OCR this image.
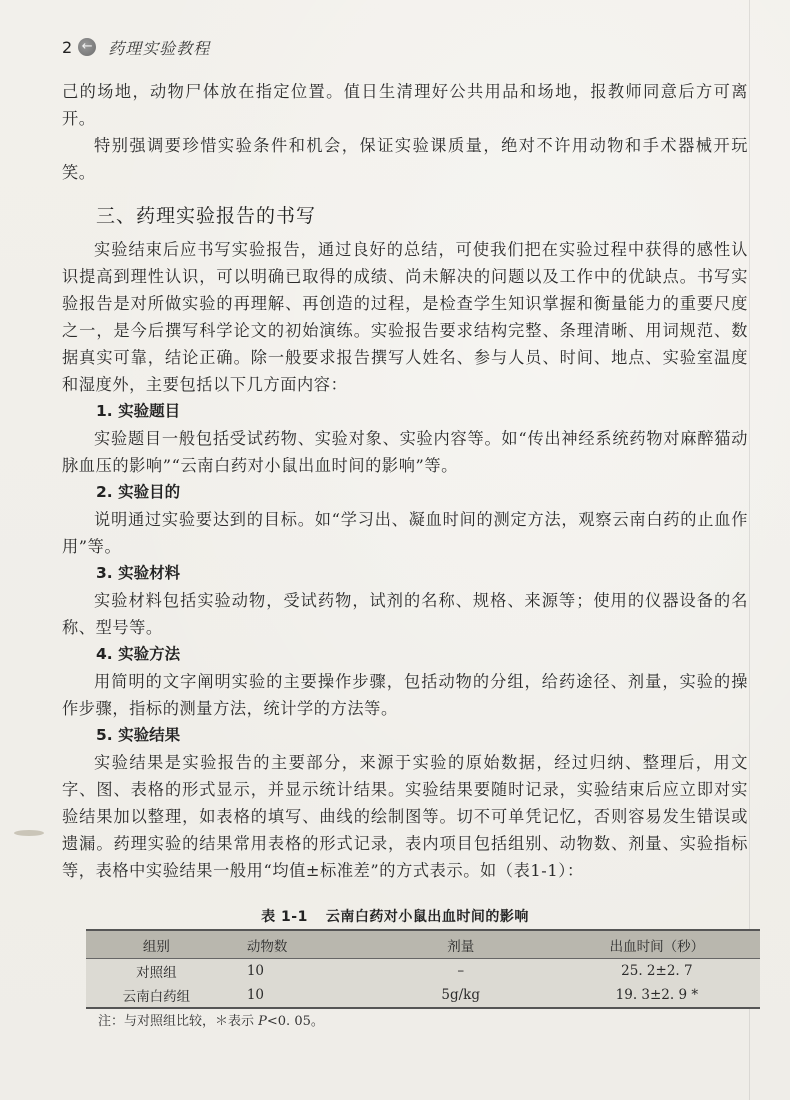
2 ← 药理实验教程

己的场地，动物尸体放在指定位置。值日生清理好公共用品和场地，报教师同意后方可离开。

特别强调要珍惜实验条件和机会，保证实验课质量，绝对不许用动物和手术器械开玩笑。

三、药理实验报告的书写

实验结束后应书写实验报告，通过良好的总结，可使我们把在实验过程中获得的感性认识提高到理性认识，可以明确已取得的成绩、尚未解决的问题以及工作中的优缺点。书写实验报告是对所做实验的再理解、再创造的过程，是检查学生知识掌握和衡量能力的重要尺度之一，是今后撰写科学论文的初始演练。实验报告要求结构完整、条理清晰、用词规范、数据真实可靠，结论正确。除一般要求报告撰写人姓名、参与人员、时间、地点、实验室温度和湿度外，主要包括以下几方面内容：

1. 实验题目

实验题目一般包括受试药物、实验对象、实验内容等。如“传出神经系统药物对麻醉猫动脉血压的影响”“云南白药对小鼠出血时间的影响”等。

2. 实验目的

说明通过实验要达到的目标。如“学习出、凝血时间的测定方法，观察云南白药的止血作用”等。

3. 实验材料

实验材料包括实验动物，受试药物，试剂的名称、规格、来源等；使用的仪器设备的名称、型号等。

4. 实验方法

用简明的文字阐明实验的主要操作步骤，包括动物的分组，给药途径、剂量，实验的操作步骤，指标的测量方法，统计学的方法等。

5. 实验结果

实验结果是实验报告的主要部分，来源于实验的原始数据，经过归纳、整理后，用文字、图、表格的形式显示，并显示统计结果。实验结果要随时记录，实验结束后应立即对实验结果加以整理，如表格的填写、曲线的绘制图等。切不可单凭记忆，否则容易发生错误或遗漏。药理实验的结果常用表格的形式记录，表内项目包括组别、动物数、剂量、实验指标等，表格中实验结果一般用“均值±标准差”的方式表示。如（表1-1）：

表 1-1 云南白药对小鼠出血时间的影响
组别	动物数	剂量	出血时间（秒）
对照组	10	–	25. 2±2. 7
云南白药组	10	5g/kg	19. 3±2. 9 *
注：与对照组比较，＊表示 P<0. 05。
